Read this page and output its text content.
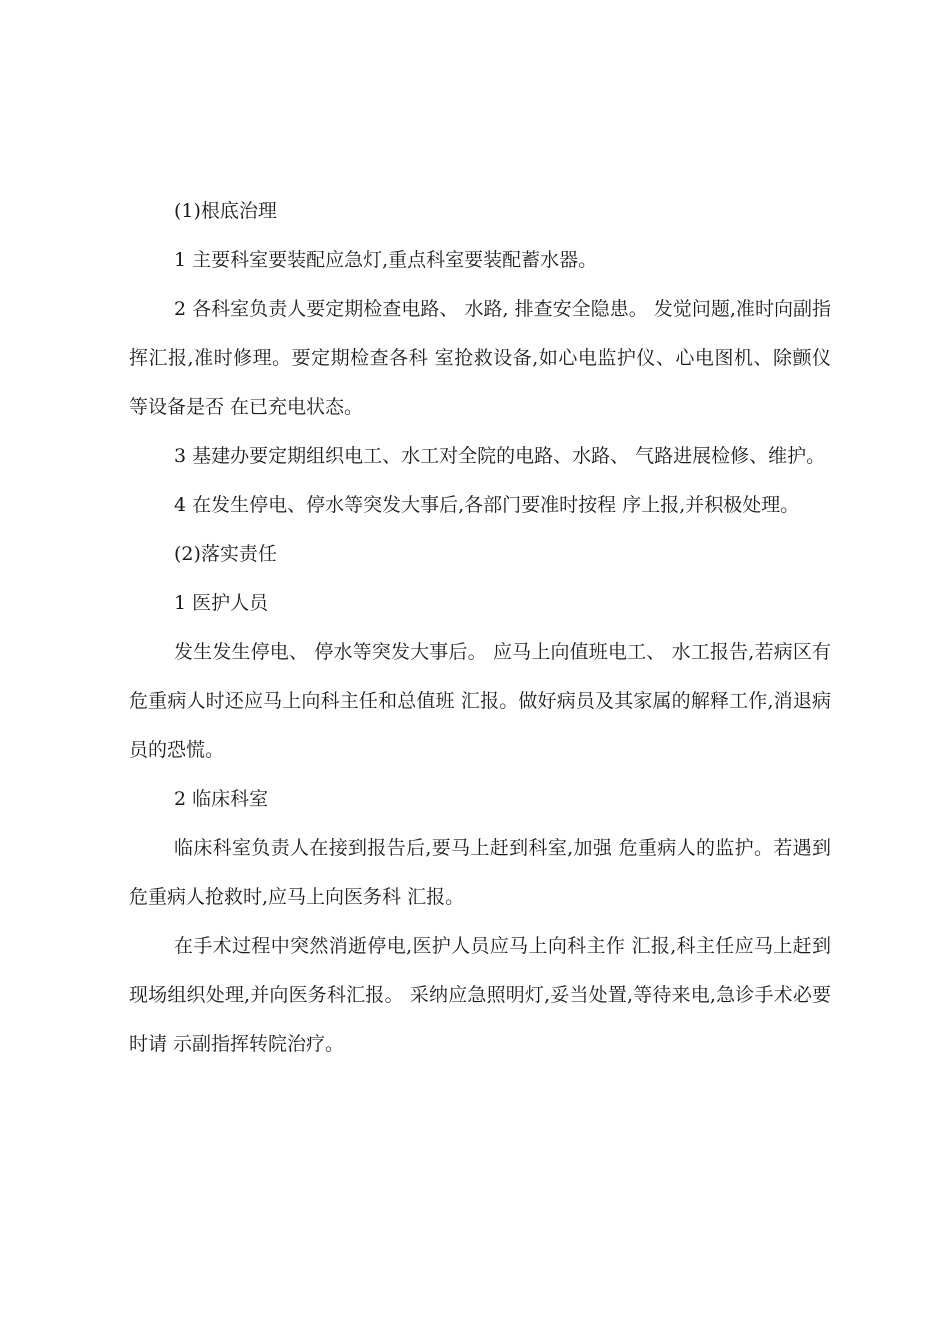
(1)根底治理

1 主要科室要装配应急灯,重点科室要装配蓄水器。

2 各科室负责人要定期检查电路、 水路, 排查安全隐患。 发觉问题,准时向副指挥汇报,准时修理。要定期检查各科 室抢救设备,如心电监护仪、心电图机、除颤仪等设备是否 在已充电状态。

3 基建办要定期组织电工、水工对全院的电路、水路、 气路进展检修、维护。

4 在发生停电、停水等突发大事后,各部门要准时按程 序上报,并积极处理。

(2)落实责任

1 医护人员

发生发生停电、 停水等突发大事后。 应马上向值班电工、 水工报告,若病区有危重病人时还应马上向科主任和总值班 汇报。做好病员及其家属的解释工作,消退病员的恐慌。

2 临床科室

临床科室负责人在接到报告后,要马上赶到科室,加强 危重病人的监护。若遇到危重病人抢救时,应马上向医务科 汇报。

在手术过程中突然消逝停电,医护人员应马上向科主作 汇报,科主任应马上赶到现场组织处理,并向医务科汇报。 采纳应急照明灯,妥当处置,等待来电,急诊手术必要时请 示副指挥转院治疗。
